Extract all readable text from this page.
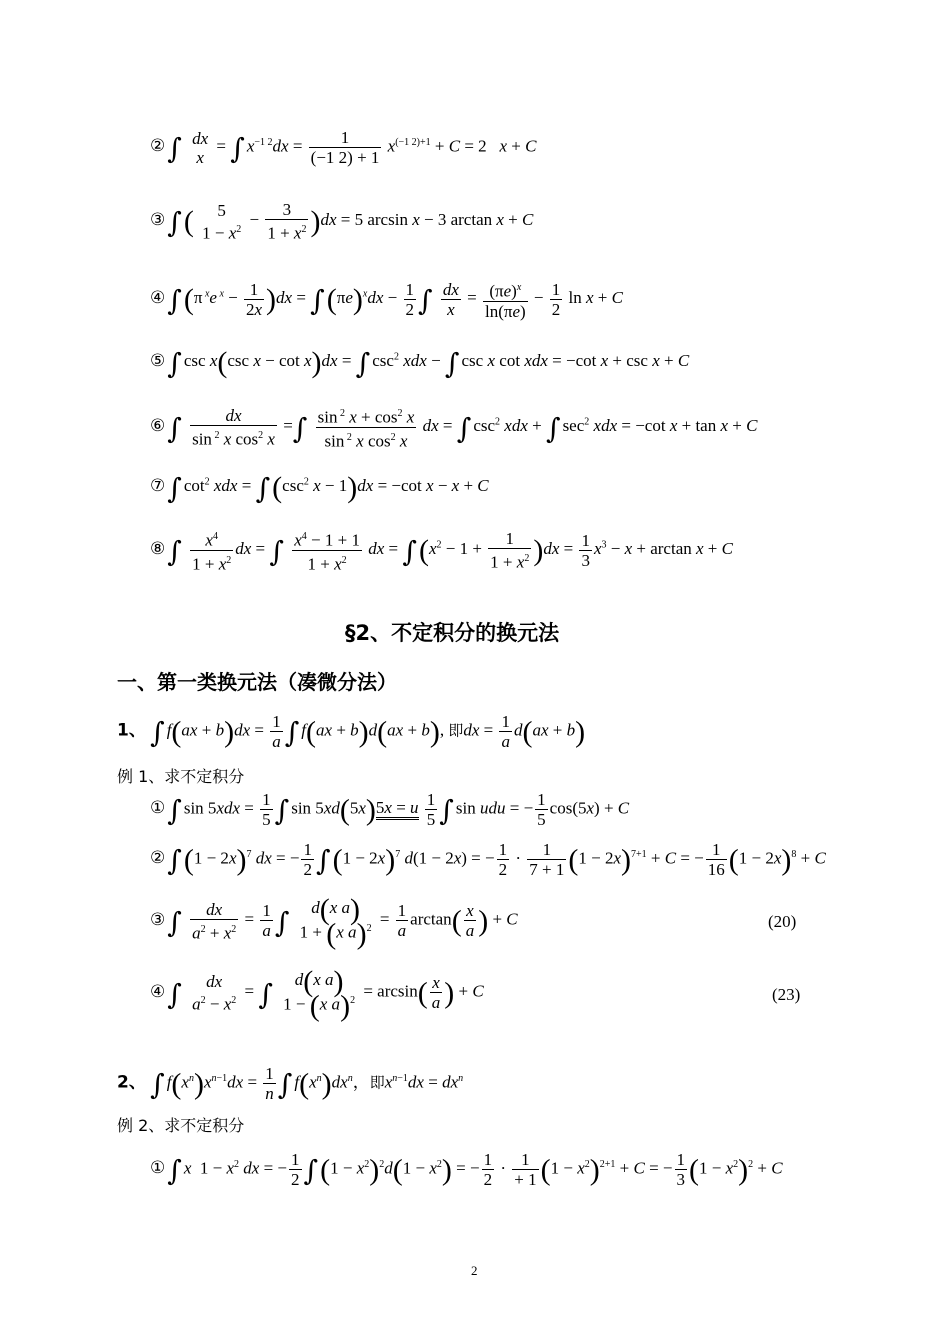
②∫ dx
x
= ∫ $x^{-1 2}dx = \frac{1}{(-1 2) + 1} x^{(-1 2)+1} + C = 2$   x + C
③∫(	5
$1 - x^2 - \frac{3}{1 + x^2} )dx = 5$ arcsin x − 3 arctan x + C
④∫(π $^x$e $^x - \frac{1}{2x} )dx = \int(\pi e)^xdx - \frac{1}{2}$ ∫ $\frac{dx}{x} = \frac{(\pi e)^x}{\ln(\pi e)} - \frac{1}{2}$ ln x + C
⑤∫ csc x(csc x − cot x)dx = ∫ $\csc^2$ xdx − ∫ csc x cot xdx = −cot x + csc x + C
⑥∫ $\frac{dx}{\sin ^2 x \cos^2 x}$ =∫ $\frac{\sin ^2 x + \cos^2 x}{\sin ^2 x \cos^2 x}$ dx = ∫ $\csc^2$ xdx + ∫ $\sec^2$ xdx = −cot x + tan x + C
⑦∫ $\cot^2$ xdx = $\int(\csc^2$ x − 1)dx = −cot x − x + C
⑧∫ $\frac{x^4}{1 + x^2}$ dx = ∫ $\frac{x^4 - 1 + 1}{1 + x^2}$ dx = $\int(x^2 - 1 + \frac{1}{1 + x^2} )dx = \frac{1}{3} x^3 - x + \arctan x + C$
§2、不定积分的换元法
一、第一类换元法（凑微分法）
1、 ∫ $f(ax + b)dx = \frac{1}{a}$ ∫ f(ax + b)d(ax + b), 即dx = $\frac{1}{a} d(ax + b)$
例 1、求不定积分
①∫ $\sin 5xdx = \frac{1}{5}$ ∫ sin 5xd(5x)5x = u $\frac{1}{5}$ ∫ sin udu = − $\frac{1}{5} \cos(5x) + C$
②∫(1 − 2x)$^7$ dx = − $\frac{1}{2} \int(1 - 2x)^7$ d(1 − 2x) = − $\frac{1}{2} \cdot \frac{1}{7 + 1} (1 - 2x)^{7+1} + C$ = − $\frac{1}{16} (1 - 2x)^8 + C$
③∫ $\frac{dx}{a^2 + x^2} = \frac{1}{a}$ ∫	d(x a)
1 + (x $a)^2 = \frac{1}{a} \arctan( \frac{x}{a}$ ) + C	(20)
④∫	dx
$a^2 - x^2$ = ∫	d(x a)
1 − (x $a)^2 = \arcsin( \frac{x}{a}$ ) + C	(23)
2、 ∫ $f(x^n)x^{n-1}dx = \frac{1}{n}$ ∫ $f(x^n)dx^n$，即$x^{n-1}dx = dx^n$
例 2、求不定积分
①∫ x  $1 - x^2$ dx = − $\frac{1}{2} \int(1 - x^2)^2d(1 - x^2)$ = − $\frac{1}{2} \cdot \frac{1}{+ 1} (1 - x^2)^{2+1} + C$ = − $\frac{1}{3} (1 - x^2)^2 + C$
2
